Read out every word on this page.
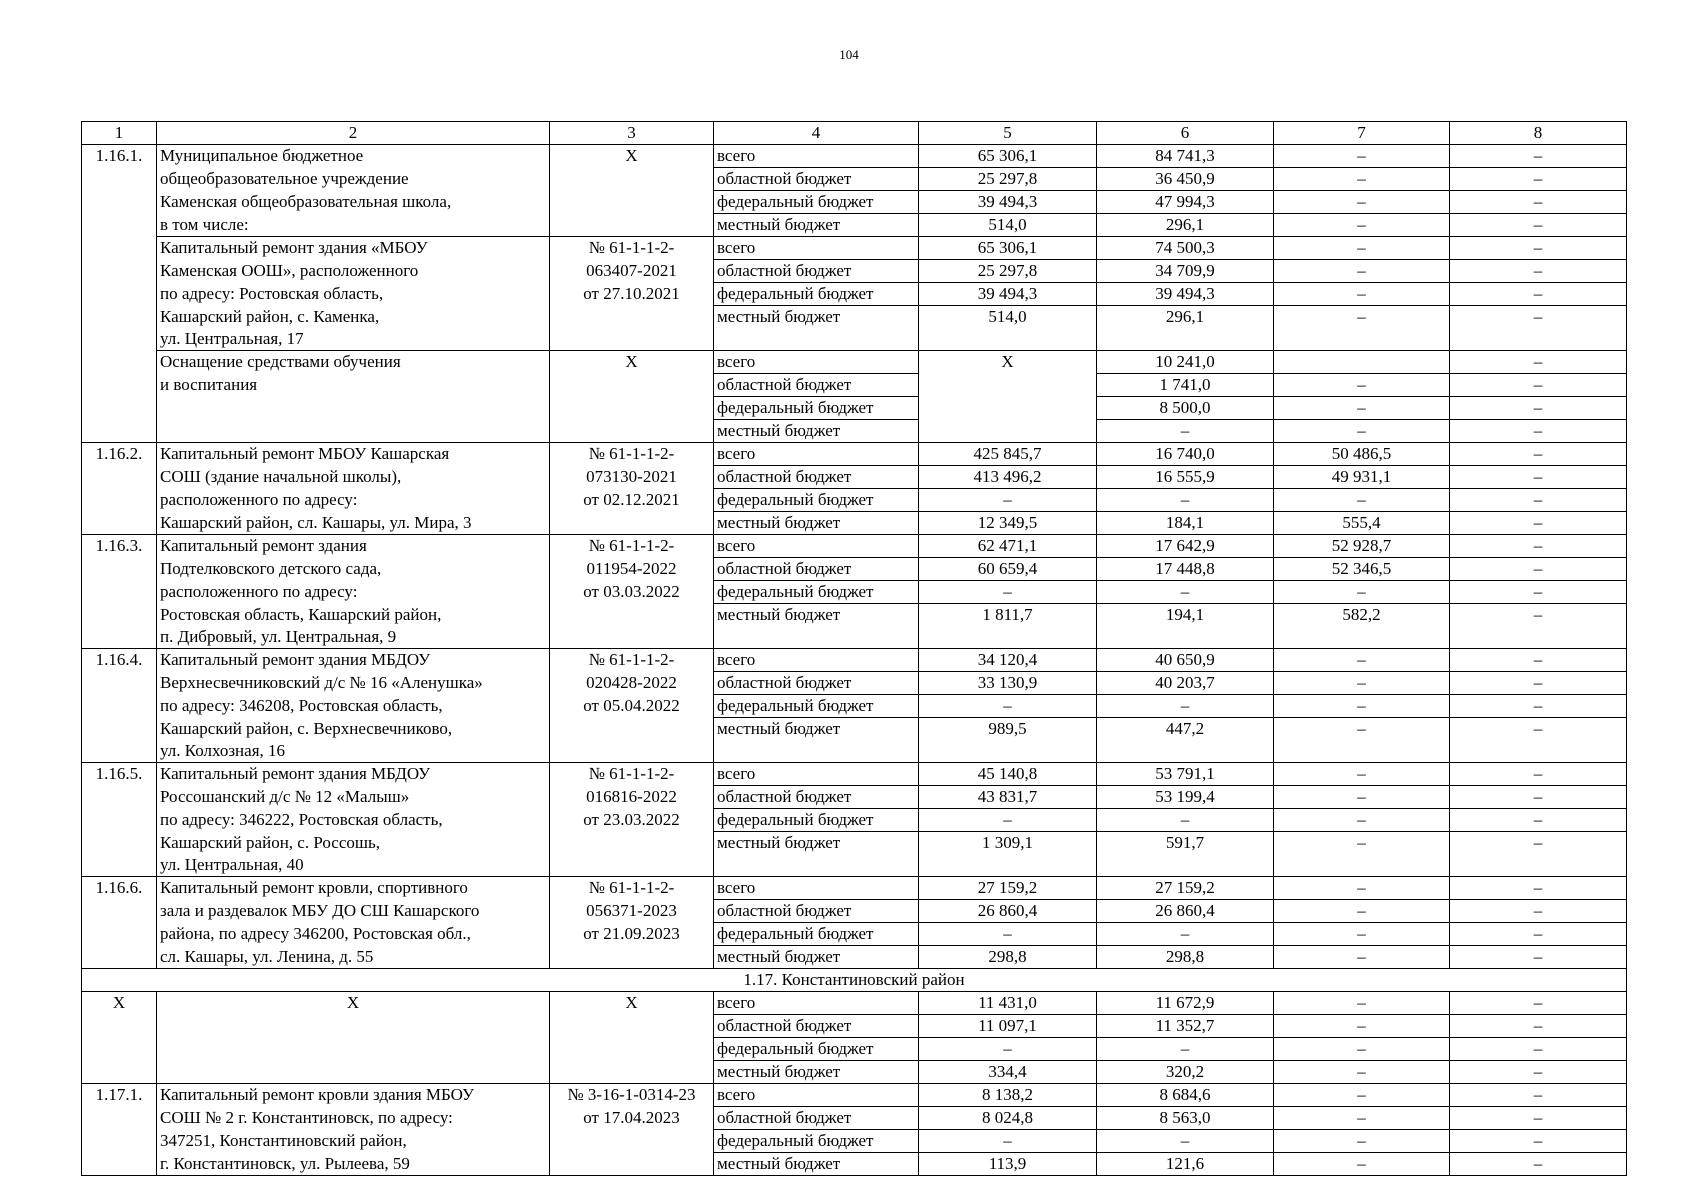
104
1	2	3	4	5	6	7	8
1.16.1.	Муниципальное бюджетное	X	всего	65 306,1	84 741,3	–	–
	общеобразовательное учреждение		областной бюджет	25 297,8	36 450,9	–	–
	Каменская общеобразовательная школа,		федеральный бюджет	39 494,3	47 994,3	–	–
	в том числе:		местный бюджет	514,0	296,1	–	–
	Капитальный ремонт здания «МБОУ	№ 61-1-1-2-	всего	65 306,1	74 500,3	–	–
	Каменская ООШ», расположенного	063407-2021	областной бюджет	25 297,8	34 709,9	–	–
	по адресу: Ростовская область,	от 27.10.2021	федеральный бюджет	39 494,3	39 494,3	–	–
	Кашарский район, с. Каменка,		местный бюджет	514,0	296,1	–	–
	ул. Центральная, 17						
	Оснащение средствами обучения	X	всего	X	10 241,0		–
	и воспитания		областной бюджет		1 741,0	–	–
			федеральный бюджет		8 500,0	–	–
			местный бюджет		–	–	–
1.16.2.	Капитальный ремонт МБОУ Кашарская	№ 61-1-1-2-	всего	425 845,7	16 740,0	50 486,5	–
	СОШ (здание начальной школы),	073130-2021	областной бюджет	413 496,2	16 555,9	49 931,1	–
	расположенного по адресу:	от 02.12.2021	федеральный бюджет	–	–	–	–
	Кашарский район, сл. Кашары, ул. Мира, 3		местный бюджет	12 349,5	184,1	555,4	–
1.16.3.	Капитальный ремонт здания	№ 61-1-1-2-	всего	62 471,1	17 642,9	52 928,7	–
	Подтелковского детского сада,	011954-2022	областной бюджет	60 659,4	17 448,8	52 346,5	–
	расположенного по адресу:	от 03.03.2022	федеральный бюджет	–	–	–	–
	Ростовская область, Кашарский район,		местный бюджет	1 811,7	194,1	582,2	–
	п. Дибровый, ул. Центральная, 9						
1.16.4.	Капитальный ремонт здания МБДОУ	№ 61-1-1-2-	всего	34 120,4	40 650,9	–	–
	Верхнесвечниковский д/с № 16 «Аленушка»	020428-2022	областной бюджет	33 130,9	40 203,7	–	–
	по адресу: 346208, Ростовская область,	от 05.04.2022	федеральный бюджет	–	–	–	–
	Кашарский район, с. Верхнесвечниково,		местный бюджет	989,5	447,2	–	–
	ул. Колхозная, 16						
1.16.5.	Капитальный ремонт здания МБДОУ	№ 61-1-1-2-	всего	45 140,8	53 791,1	–	–
	Россошанский д/с № 12 «Малыш»	016816-2022	областной бюджет	43 831,7	53 199,4	–	–
	по адресу: 346222, Ростовская область,	от 23.03.2022	федеральный бюджет	–	–	–	–
	Кашарский район, с. Россошь,		местный бюджет	1 309,1	591,7	–	–
	ул. Центральная, 40						
1.16.6.	Капитальный ремонт кровли, спортивного	№ 61-1-1-2-	всего	27 159,2	27 159,2	–	–
	зала и раздевалок МБУ ДО СШ Кашарского	056371-2023	областной бюджет	26 860,4	26 860,4	–	–
	района, по адресу 346200, Ростовская обл.,	от 21.09.2023	федеральный бюджет	–	–	–	–
	сл. Кашары, ул. Ленина, д. 55		местный бюджет	298,8	298,8	–	–
1.17. Константиновский район							
X	X	X	всего	11 431,0	11 672,9	–	–
			областной бюджет	11 097,1	11 352,7	–	–
			федеральный бюджет	–	–	–	–
			местный бюджет	334,4	320,2	–	–
1.17.1.	Капитальный ремонт кровли здания МБОУ	№ 3-16-1-0314-23	всего	8 138,2	8 684,6	–	–
	СОШ № 2 г. Константиновск, по адресу:	от 17.04.2023	областной бюджет	8 024,8	8 563,0	–	–
	347251, Константиновский район,		федеральный бюджет	–	–	–	–
	г. Константиновск, ул. Рылеева, 59		местный бюджет	113,9	121,6	–	–
